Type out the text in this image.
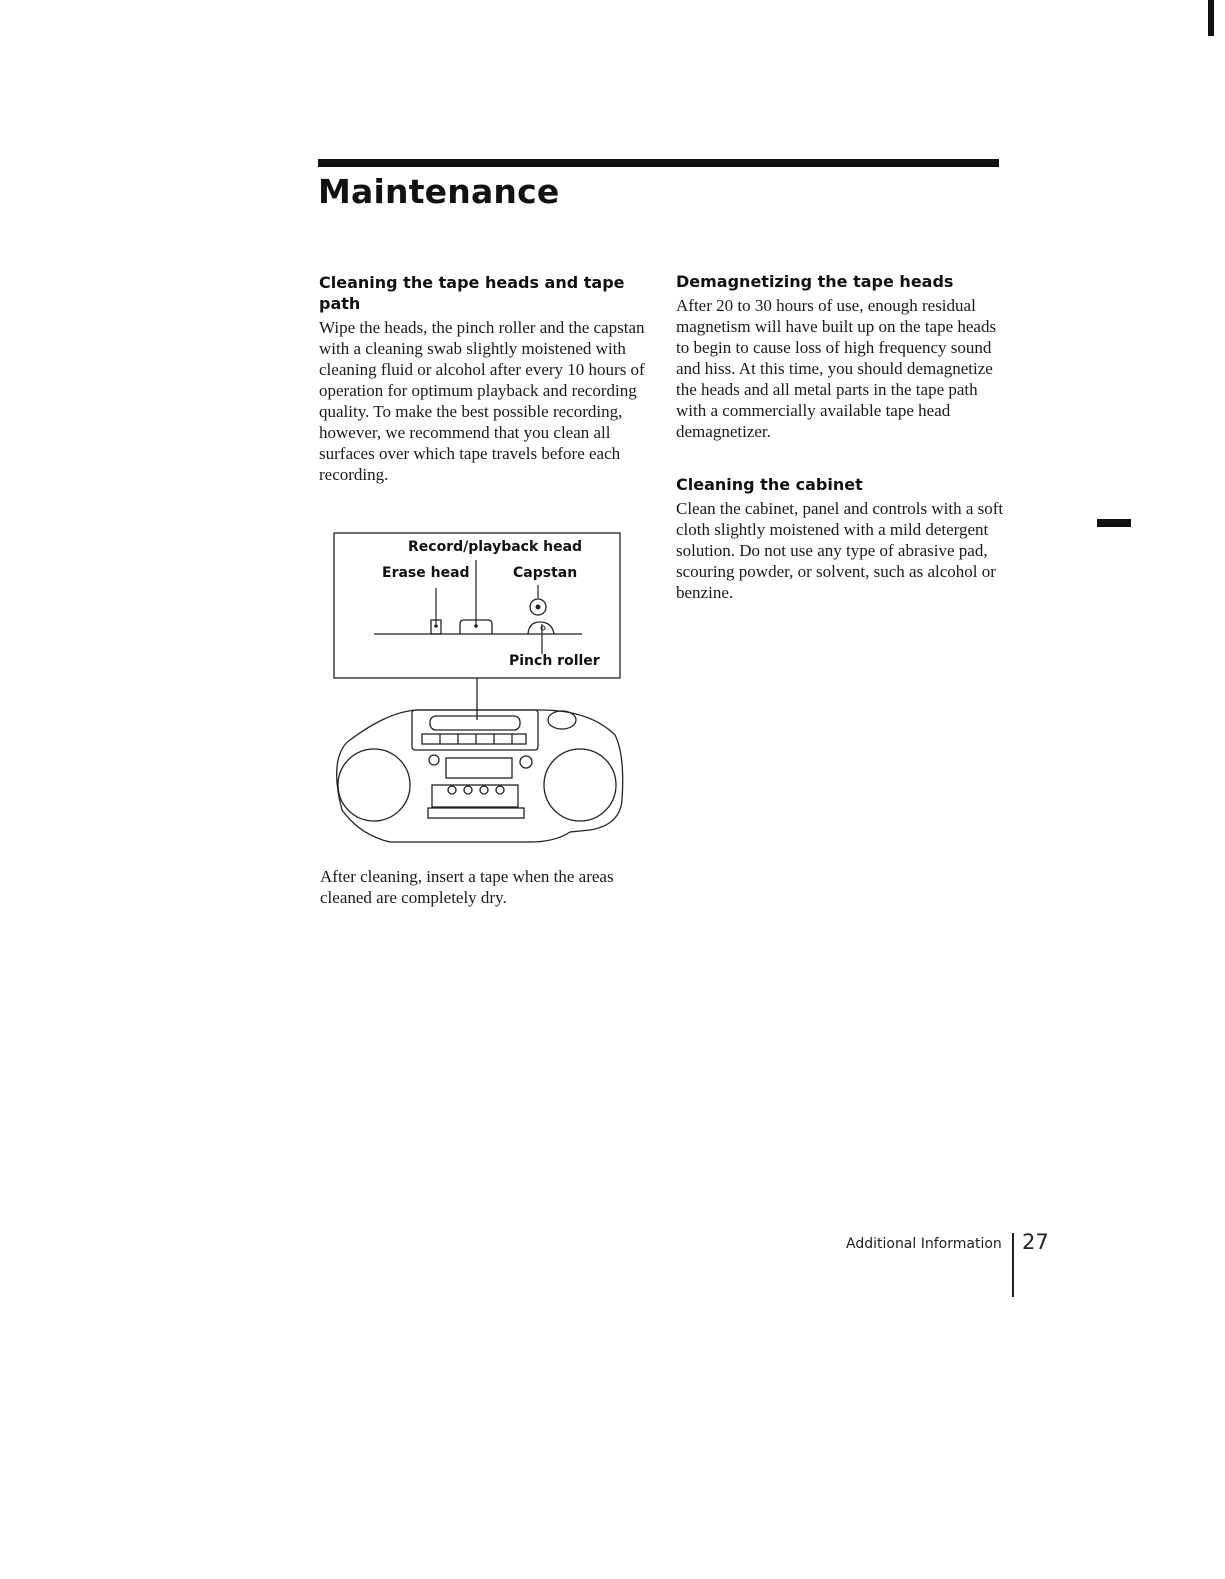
Maintenance
Cleaning the tape heads and tape path

Wipe the heads, the pinch roller and the capstan with a cleaning swab slightly moistened with cleaning fluid or alcohol after every 10 hours of operation for optimum playback and recording quality. To make the best possible recording, however, we recommend that you clean all surfaces over which tape travels before each recording.

Demagnetizing the tape heads

After 20 to 30 hours of use, enough residual magnetism will have built up on the tape heads to begin to cause loss of high frequency sound and hiss. At this time, you should demagnetize the heads and all metal parts in the tape path with a commercially available tape head demagnetizer.

Cleaning the cabinet

Clean the cabinet, panel and controls with a soft cloth slightly moistened with a mild detergent solution. Do not use any type of abrasive pad, scouring powder, or solvent, such as alcohol or benzine.

Record/playback head
Erase head	Capstan
Pinch roller

After cleaning, insert a tape when the areas cleaned are completely dry.

Additional Information 27
